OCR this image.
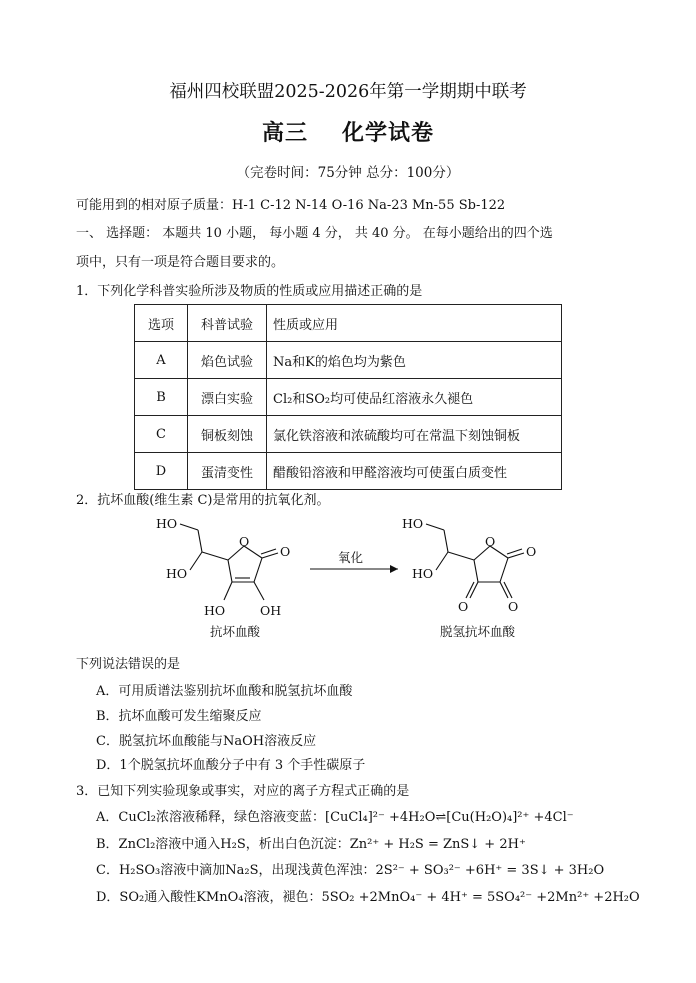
福州四校联盟2025-2026年第一学期期中联考
高三 化学试卷
（完卷时间：75分钟 总分：100分）
可能用到的相对原子质量：H-1 C-12 N-14 O-16 Na-23 Mn-55 Sb-122
一、 选择题： 本题共 10 小题， 每小题 4 分， 共 40 分。 在每小题给出的四个选
项中，只有一项是符合题目要求的。
1．下列化学科普实验所涉及物质的性质或应用描述正确的是
选项	科普试验	性质或应用
A	焰色试验	Na和K的焰色均为紫色
B	漂白实验	Cl₂和SO₂均可使品红溶液永久褪色
C	铜板刻蚀	氯化铁溶液和浓硫酸均可在常温下刻蚀铜板
D	蛋清变性	醋酸铅溶液和甲醛溶液均可使蛋白质变性
2．抗坏血酸(维生素 C)是常用的抗氧化剂。
HO
HO
O
O
HO	OH
抗坏血酸
氧化
HO
HO
O
O
O	O
脱氢抗坏血酸
下列说法错误的是
A．可用质谱法鉴别抗坏血酸和脱氢抗坏血酸
B．抗坏血酸可发生缩聚反应
C．脱氢抗坏血酸能与NaOH溶液反应
D．1个脱氢抗坏血酸分子中有 3 个手性碳原子
3．已知下列实验现象或事实，对应的离子方程式正确的是
A．CuCl₂浓溶液稀释，绿色溶液变蓝：[CuCl₄]²⁻ +4H₂O⇌[Cu(H₂O)₄]²⁺ +4Cl⁻
B．ZnCl₂溶液中通入H₂S，析出白色沉淀：Zn²⁺ + H₂S = ZnS↓ + 2H⁺
C．H₂SO₃溶液中滴加Na₂S，出现浅黄色浑浊：2S²⁻ + SO₃²⁻ +6H⁺ = 3S↓ + 3H₂O
D．SO₂通入酸性KMnO₄溶液，褪色：5SO₂ +2MnO₄⁻ + 4H⁺ = 5SO₄²⁻ +2Mn²⁺ +2H₂O
